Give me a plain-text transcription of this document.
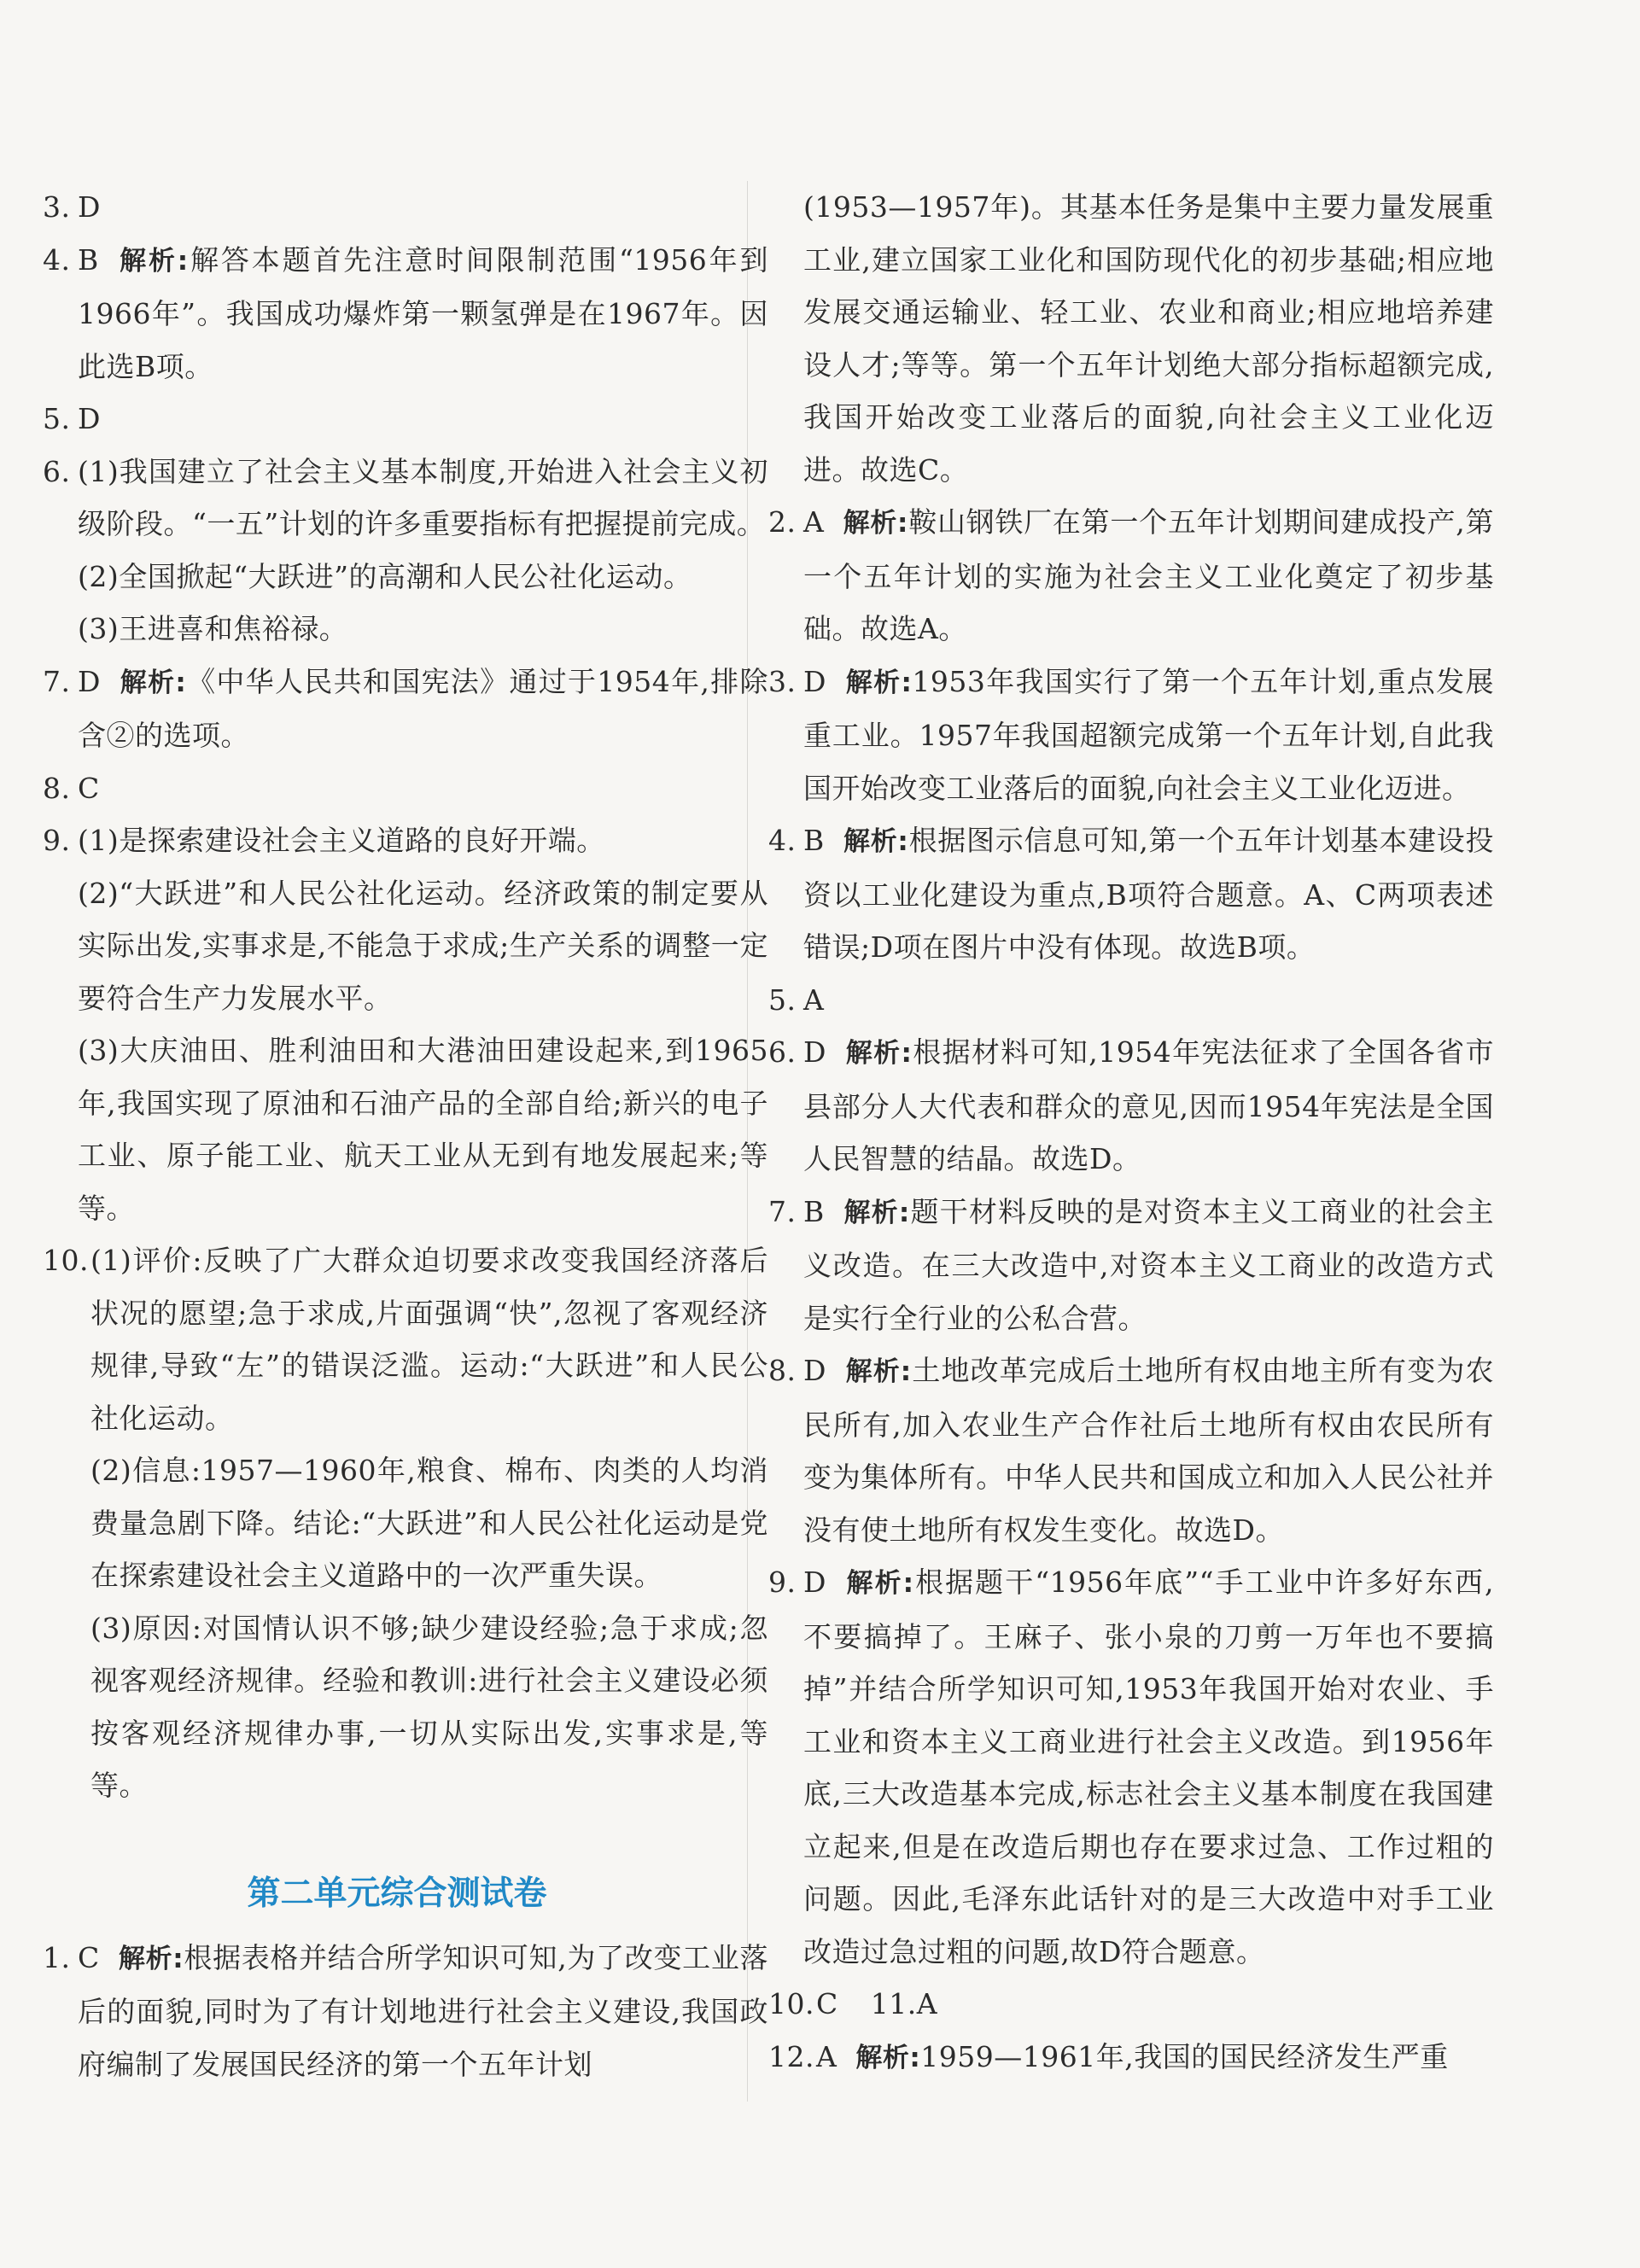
3. D
4. B 解析:解答本题首先注意时间限制范围“1956年到1966年”。我国成功爆炸第一颗氢弹是在1967年。因此选B项。
5. D
6. (1)我国建立了社会主义基本制度,开始进入社会主义初级阶段。“一五”计划的许多重要指标有把握提前完成。
(2)全国掀起“大跃进”的高潮和人民公社化运动。
(3)王进喜和焦裕禄。
7. D 解析:《中华人民共和国宪法》通过于1954年,排除含②的选项。
8. C
9. (1)是探索建设社会主义道路的良好开端。
(2)“大跃进”和人民公社化运动。经济政策的制定要从实际出发,实事求是,不能急于求成;生产关系的调整一定要符合生产力发展水平。
(3)大庆油田、胜利油田和大港油田建设起来,到1965年,我国实现了原油和石油产品的全部自给;新兴的电子工业、原子能工业、航天工业从无到有地发展起来;等等。
10. (1)评价:反映了广大群众迫切要求改变我国经济落后状况的愿望;急于求成,片面强调“快”,忽视了客观经济规律,导致“左”的错误泛滥。运动:“大跃进”和人民公社化运动。
(2)信息:1957—1960年,粮食、棉布、肉类的人均消费量急剧下降。结论:“大跃进”和人民公社化运动是党在探索建设社会主义道路中的一次严重失误。
(3)原因:对国情认识不够;缺少建设经验;急于求成;忽视客观经济规律。经验和教训:进行社会主义建设必须按客观经济规律办事,一切从实际出发,实事求是,等等。
第二单元综合测试卷
1. C 解析:根据表格并结合所学知识可知,为了改变工业落后的面貌,同时为了有计划地进行社会主义建设,我国政府编制了发展国民经济的第一个五年计划
(1953—1957年)。其基本任务是集中主要力量发展重工业,建立国家工业化和国防现代化的初步基础;相应地发展交通运输业、轻工业、农业和商业;相应地培养建设人才;等等。第一个五年计划绝大部分指标超额完成,我国开始改变工业落后的面貌,向社会主义工业化迈进。故选C。
2. A 解析:鞍山钢铁厂在第一个五年计划期间建成投产,第一个五年计划的实施为社会主义工业化奠定了初步基础。故选A。
3. D 解析:1953年我国实行了第一个五年计划,重点发展重工业。1957年我国超额完成第一个五年计划,自此我国开始改变工业落后的面貌,向社会主义工业化迈进。
4. B 解析:根据图示信息可知,第一个五年计划基本建设投资以工业化建设为重点,B项符合题意。A、C两项表述错误;D项在图片中没有体现。故选B项。
5. A
6. D 解析:根据材料可知,1954年宪法征求了全国各省市县部分人大代表和群众的意见,因而1954年宪法是全国人民智慧的结晶。故选D。
7. B 解析:题干材料反映的是对资本主义工商业的社会主义改造。在三大改造中,对资本主义工商业的改造方式是实行全行业的公私合营。
8. D 解析:土地改革完成后土地所有权由地主所有变为农民所有,加入农业生产合作社后土地所有权由农民所有变为集体所有。中华人民共和国成立和加入人民公社并没有使土地所有权发生变化。故选D。
9. D 解析:根据题干“1956年底”“手工业中许多好东西,不要搞掉了。王麻子、张小泉的刀剪一万年也不要搞掉”并结合所学知识可知,1953年我国开始对农业、手工业和资本主义工商业进行社会主义改造。到1956年底,三大改造基本完成,标志社会主义基本制度在我国建立起来,但是在改造后期也存在要求过急、工作过粗的问题。因此,毛泽东此话针对的是三大改造中对手工业改造过急过粗的问题,故D符合题意。
10. C 11.A
12. A 解析:1959—1961年,我国的国民经济发生严重
